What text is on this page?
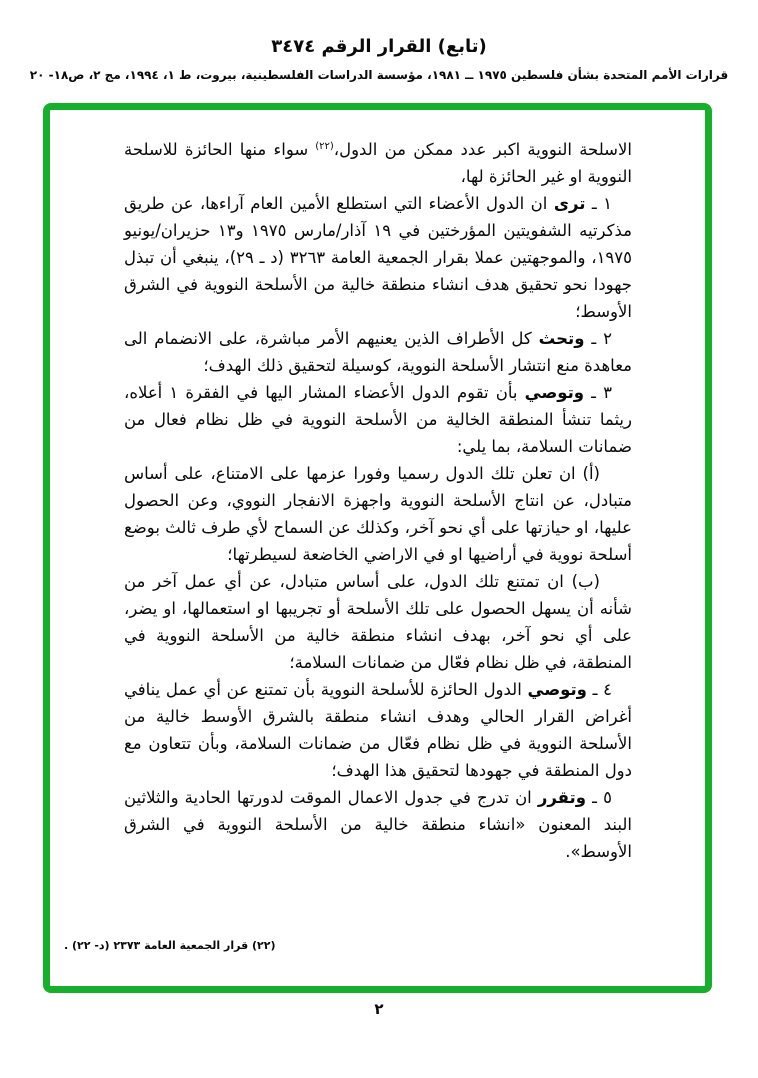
(تابع) القرار الرقم ٣٤٧٤
قرارات الأمم المتحدة بشأن فلسطين ١٩٧٥ ــ ١٩٨١، مؤسسة الدراسات الفلسطينية، بيروت، ط ١، ١٩٩٤، مج ٢، ص١٨- ٢٠

الاسلحة النووية اكبر عدد ممكن من الدول،$^{(٢٢)}$سواء منها الحائزة للاسلحة النووية او غير الحائزة لها،

١ ـ ترى ان الدول الأعضاء التي استطلع الأمين العام آراءها، عن طريق مذكرتيه الشفويتين المؤرختين في ١٩ آذار/مارس ١٩٧٥ و١٣ حزيران/يونيو ١٩٧٥، والموجهتين عملا بقرار الجمعية العامة ٣٢٦٣ (د ـ ٢٩)، ينبغي أن تبذل جهودا نحو تحقيق هدف انشاء منطقة خالية من الأسلحة النووية في الشرق الأوسط؛

٢ ـ وتحث كل الأطراف الذين يعنيهم الأمر مباشرة، على الانضمام الى معاهدة منع انتشار الأسلحة النووية، كوسيلة لتحقيق ذلك الهدف؛

٣ ـ وتوصي بأن تقوم الدول الأعضاء المشار اليها في الفقرة ١ أعلاه، ريثما تنشأ المنطقة الخالية من الأسلحة النووية في ظل نظام فعال من ضمانات السلامة، بما يلي:

(أ) ان تعلن تلك الدول رسميا وفورا عزمها على الامتناع، على أساس متبادل، عن انتاج الأسلحة النووية واجهزة الانفجار النووي، وعن الحصول عليها، او حيازتها على أي نحو آخر، وكذلك عن السماح لأي طرف ثالث بوضع أسلحة نووية في أراضيها او في الاراضي الخاضعة لسيطرتها؛

(ب) ان تمتنع تلك الدول، على أساس متبادل، عن أي عمل آخر من شأنه أن يسهل الحصول على تلك الأسلحة أو تجريبها او استعمالها، او يضر، على أي نحو آخر، بهدف انشاء منطقة خالية من الأسلحة النووية في المنطقة، في ظل نظام فعّال من ضمانات السلامة؛

٤ ـ وتوصي الدول الحائزة للأسلحة النووية بأن تمتنع عن أي عمل ينافي أغراض القرار الحالي وهدف انشاء منطقة بالشرق الأوسط خالية من الأسلحة النووية في ظل نظام فعّال من ضمانات السلامة، وبأن تتعاون مع دول المنطقة في جهودها لتحقيق هذا الهدف؛

٥ ـ وتقرر ان تدرج في جدول الاعمال الموقت لدورتها الحادية والثلاثين البند المعنون «انشاء منطقة خالية من الأسلحة النووية في الشرق الأوسط».

(٢٢) قرار الجمعية العامة ٢٣٧٣ (د- ٢٢) .
٢
